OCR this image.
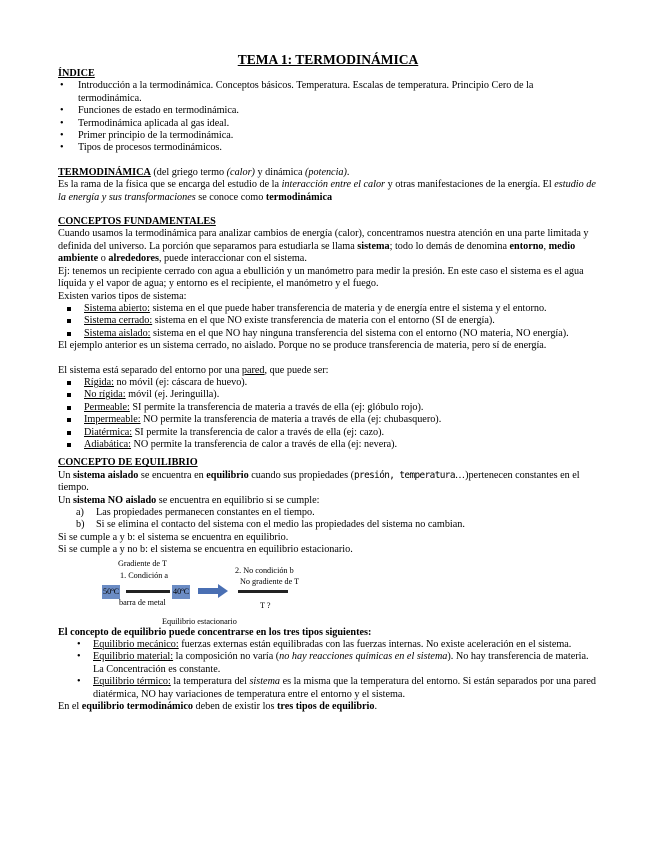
TEMA 1: TERMODINÁMICA

ÍNDICE

• Introducción a la termodinámica. Conceptos básicos. Temperatura. Escalas de temperatura. Principio Cero de la termodinámica.
• Funciones de estado en termodinámica.
• Termodinámica aplicada al gas ideal.
• Primer principio de la termodinámica.
• Tipos de procesos termodinámicos.

TERMODINÁMICA (del griego termo (calor) y dinámica (potencia).

Es la rama de la física que se encarga del estudio de la interacción entre el calor y otras manifestaciones de la energía. El estudio de la energía y sus transformaciones se conoce como termodinámica

CONCEPTOS FUNDAMENTALES

Cuando usamos la termodinámica para analizar cambios de energía (calor), concentramos nuestra atención en una parte limitada y definida del universo. La porción que separamos para estudiarla se llama sistema; todo lo demás de denomina entorno, medio ambiente o alrededores, puede interaccionar con el sistema.

Ej: tenemos un recipiente cerrado con agua a ebullición y un manómetro para medir la presión. En este caso el sistema es el agua líquida y el vapor de agua; y entorno es el recipiente, el manómetro y el fuego.

Existen varios tipos de sistema:

Sistema abierto: sistema en el que puede haber transferencia de materia y de energía entre el sistema y el entorno.
Sistema cerrado: sistema en el que NO existe transferencia de materia con el entorno (SI de energía).
Sistema aislado: sistema en el que NO hay ninguna transferencia del sistema con el entorno (NO materia, NO energía).

El ejemplo anterior es un sistema cerrado, no aislado. Porque no se produce transferencia de materia, pero sí de energía.

El sistema está separado del entorno por una pared, que puede ser:

Rígida: no móvil (ej: cáscara de huevo).
No rígida: móvil (ej. Jeringuilla).
Permeable: SI permite la transferencia de materia a través de ella (ej: glóbulo rojo).
Impermeable: NO permite la transferencia de materia a través de ella (ej: chubasquero).
Diatérmica: SI permite la transferencia de calor a través de ella (ej: cazo).
Adiabática: NO permite la transferencia de calor a través de ella (ej: nevera).

CONCEPTO DE EQUILIBRIO

Un sistema aislado se encuentra en equilibrio cuando sus propiedades (presión, temperatura…)pertenecen constantes en el tiempo.

Un sistema NO aislado se encuentra en equilibrio si se cumple:

a) Las propiedades permanecen constantes en el tiempo.
b) Si se elimina el contacto del sistema con el medio las propiedades del sistema no cambian.

Si se cumple a y b: el sistema se encuentra en equilibrio.

Si se cumple a y no b: el sistema se encuentra en equilibrio estacionario.

Gradiente de T
1. Condición a
50ºC	40ºC
barra de metal
2. No condición b
No gradiente de T
T ?
Equilibrio estacionario

El concepto de equilibrio puede concentrarse en los tres tipos siguientes:

• Equilibrio mecánico: fuerzas externas están equilibradas con las fuerzas internas. No existe aceleración en el sistema.
• Equilibrio material: la composición no varía (no hay reacciones químicas en el sistema). No hay transferencia de materia. La Concentración es constante.
• Equilibrio térmico: la temperatura del sistema es la misma que la temperatura del entorno. Si están separados por una pared diatérmica, NO hay variaciones de temperatura entre el entorno y el sistema.

En el equilibrio termodinámico deben de existir los tres tipos de equilibrio.
